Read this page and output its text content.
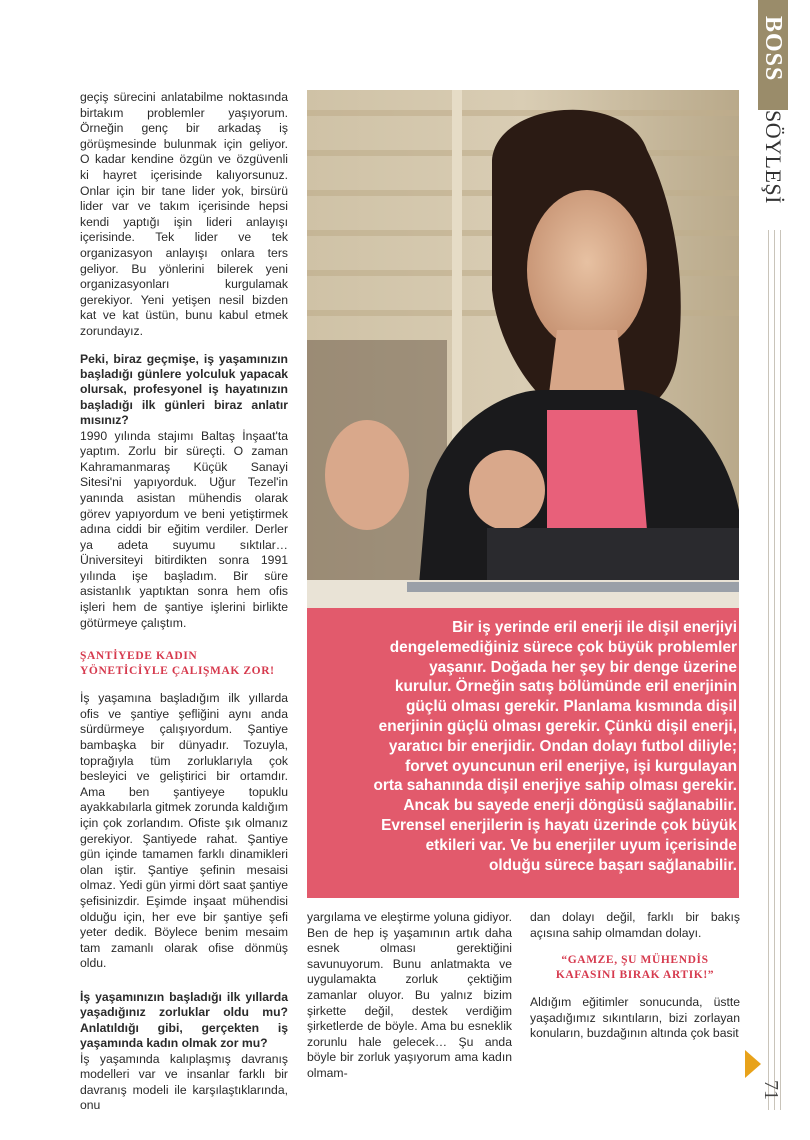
BOSS
SÖYLEŞİ

geçiş sürecini anlatabilme noktasında birtakım problemler yaşıyorum. Örneğin genç bir arkadaş iş görüşmesinde bulunmak için geliyor. O kadar kendine özgün ve özgüvenli ki hayret içerisinde kalıyorsunuz. Onlar için bir tane lider yok, birsürü lider var ve takım içerisinde hepsi kendi yaptığı işin lideri anlayışı içerisinde. Tek lider ve tek organizasyon anlayışı onlara ters geliyor. Bu yönlerini bilerek yeni organizasyonları kurgulamak gerekiyor. Yeni yetişen nesil bizden kat ve kat üstün, bunu kabul etmek zorundayız.

Peki, biraz geçmişe, iş yaşamınızın başladığı günlere yolculuk yapacak olursak, profesyonel iş hayatınızın başladığı ilk günleri biraz anlatır mısınız?

1990 yılında stajımı Baltaş İnşaat'ta yaptım. Zorlu bir süreçti. O zaman Kahramanmaraş Küçük Sanayi Sitesi'ni yapıyorduk. Uğur Tezel'in yanında asistan mühendis olarak görev yapıyordum ve beni yetiştirmek adına ciddi bir eğitim verdiler. Derler ya adeta suyumu sıktılar… Üniversiteyi bitirdikten sonra 1991 yılında işe başladım. Bir süre asistanlık yaptıktan sonra hem ofis işleri hem de şantiye işlerini birlikte götürmeye çalıştım.

ŞANTİYEDE KADIN YÖNETİCİYLE ÇALIŞMAK ZOR!

İş yaşamına başladığım ilk yıllarda ofis ve şantiye şefliğini aynı anda sürdürmeye çalışıyordum. Şantiye bambaşka bir dünyadır. Tozuyla, toprağıyla tüm zorluklarıyla çok besleyici ve geliştirici bir ortamdır. Ama ben şantiyeye topuklu ayakkabılarla gitmek zorunda kaldığım için çok zorlandım. Ofiste şık olmanız gerekiyor. Şantiyede rahat. Şantiye gün içinde tamamen farklı dinamikleri olan iştir. Şantiye şefinin mesaisi olmaz. Yedi gün yirmi dört saat şantiye şefisinizdir. Eşimde inşaat mühendisi olduğu için, her eve bir şantiye şefi yeter dedik. Böylece benim mesaim tam zamanlı olarak ofise dönmüş oldu.

İş yaşamınızın başladığı ilk yıllarda yaşadığınız zorluklar oldu mu? Anlatıldığı gibi, gerçekten iş yaşamında kadın olmak zor mu?

İş yaşamında kalıplaşmış davranış modelleri var ve insanlar farklı bir davranış modeli ile karşılaştıklarında, onu

Bir iş yerinde eril enerji ile dişil enerjiyi
dengelemediğiniz sürece çok büyük problemler
yaşanır. Doğada her şey bir denge üzerine
kurulur. Örneğin satış bölümünde eril enerjinin
güçlü olması gerekir. Planlama kısmında dişil
enerjinin güçlü olması gerekir. Çünkü dişil enerji,
yaratıcı bir enerjidir. Ondan dolayı futbol diliyle;
forvet oyuncunun eril enerjiye, işi kurgulayan
orta sahanında dişil enerjiye sahip olması gerekir.
Ancak bu sayede enerji döngüsü sağlanabilir.
Evrensel enerjilerin iş hayatı üzerinde çok büyük
etkileri var. Ve bu enerjiler uyum içerisinde
olduğu sürece başarı sağlanabilir.

yargılama ve eleştirme yoluna gidiyor. Ben de hep iş yaşamının artık daha esnek olması gerektiğini savunuyorum. Bunu anlatmakta ve uygulamakta zorluk çektiğim zamanlar oluyor. Bu yalnız bizim şirkette değil, destek verdiğim şirketlerde de böyle. Ama bu esneklik zorunlu hale gelecek… Şu anda böyle bir zorluk yaşıyorum ama kadın olmam-

dan dolayı değil, farklı bir bakış açısına sahip olmamdan dolayı.

“GAMZE, ŞU MÜHENDİS KAFASINI BIRAK ARTIK!”

Aldığım eğitimler sonucunda, üstte yaşadığımız sıkıntıların, bizi zorlayan konuların, buzdağının altında çok basit

71
